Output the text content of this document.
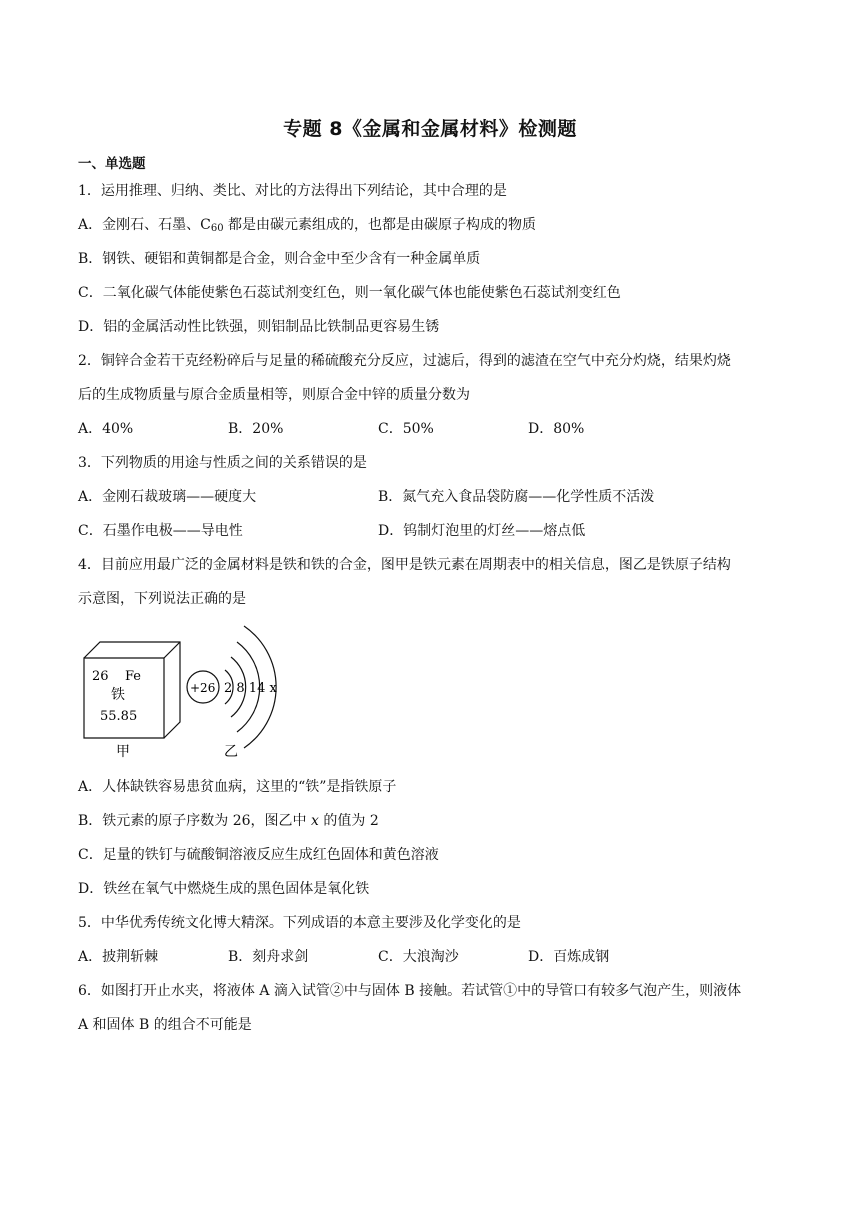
专题 8《金属和金属材料》检测题
一、单选题
1．运用推理、归纳、类比、对比的方法得出下列结论，其中合理的是
A．金刚石、石墨、$C_{60}$ 都是由碳元素组成的，也都是由碳原子构成的物质
B．钢铁、硬铝和黄铜都是合金，则合金中至少含有一种金属单质
C．二氧化碳气体能使紫色石蕊试剂变红色，则一氧化碳气体也能使紫色石蕊试剂变红色
D．铝的金属活动性比铁强，则铝制品比铁制品更容易生锈
2．铜锌合金若干克经粉碎后与足量的稀硫酸充分反应，过滤后，得到的滤渣在空气中充分灼烧，结果灼烧
后的生成物质量与原合金质量相等，则原合金中锌的质量分数为
A．40%	B．20%	C．50%	D．80%
3．下列物质的用途与性质之间的关系错误的是
A．金刚石裁玻璃——硬度大	B．氮气充入食品袋防腐——化学性质不活泼
C．石墨作电极——导电性	D．钨制灯泡里的灯丝——熔点低
4．目前应用最广泛的金属材料是铁和铁的合金，图甲是铁元素在周期表中的相关信息，图乙是铁原子结构
示意图，下列说法正确的是
26 Fe
铁
55.85
甲
+26 2 8 14 x
乙
A．人体缺铁容易患贫血病，这里的“铁”是指铁原子
B．铁元素的原子序数为 26，图乙中 x 的值为 2
C．足量的铁钉与硫酸铜溶液反应生成红色固体和黄色溶液
D．铁丝在氧气中燃烧生成的黑色固体是氧化铁
5．中华优秀传统文化博大精深。下列成语的本意主要涉及化学变化的是
A．披荆斩棘	B．刻舟求剑	C．大浪淘沙	D．百炼成钢
6．如图打开止水夹，将液体 A 滴入试管②中与固体 B 接触。若试管①中的导管口有较多气泡产生，则液体
A 和固体 B 的组合不可能是
